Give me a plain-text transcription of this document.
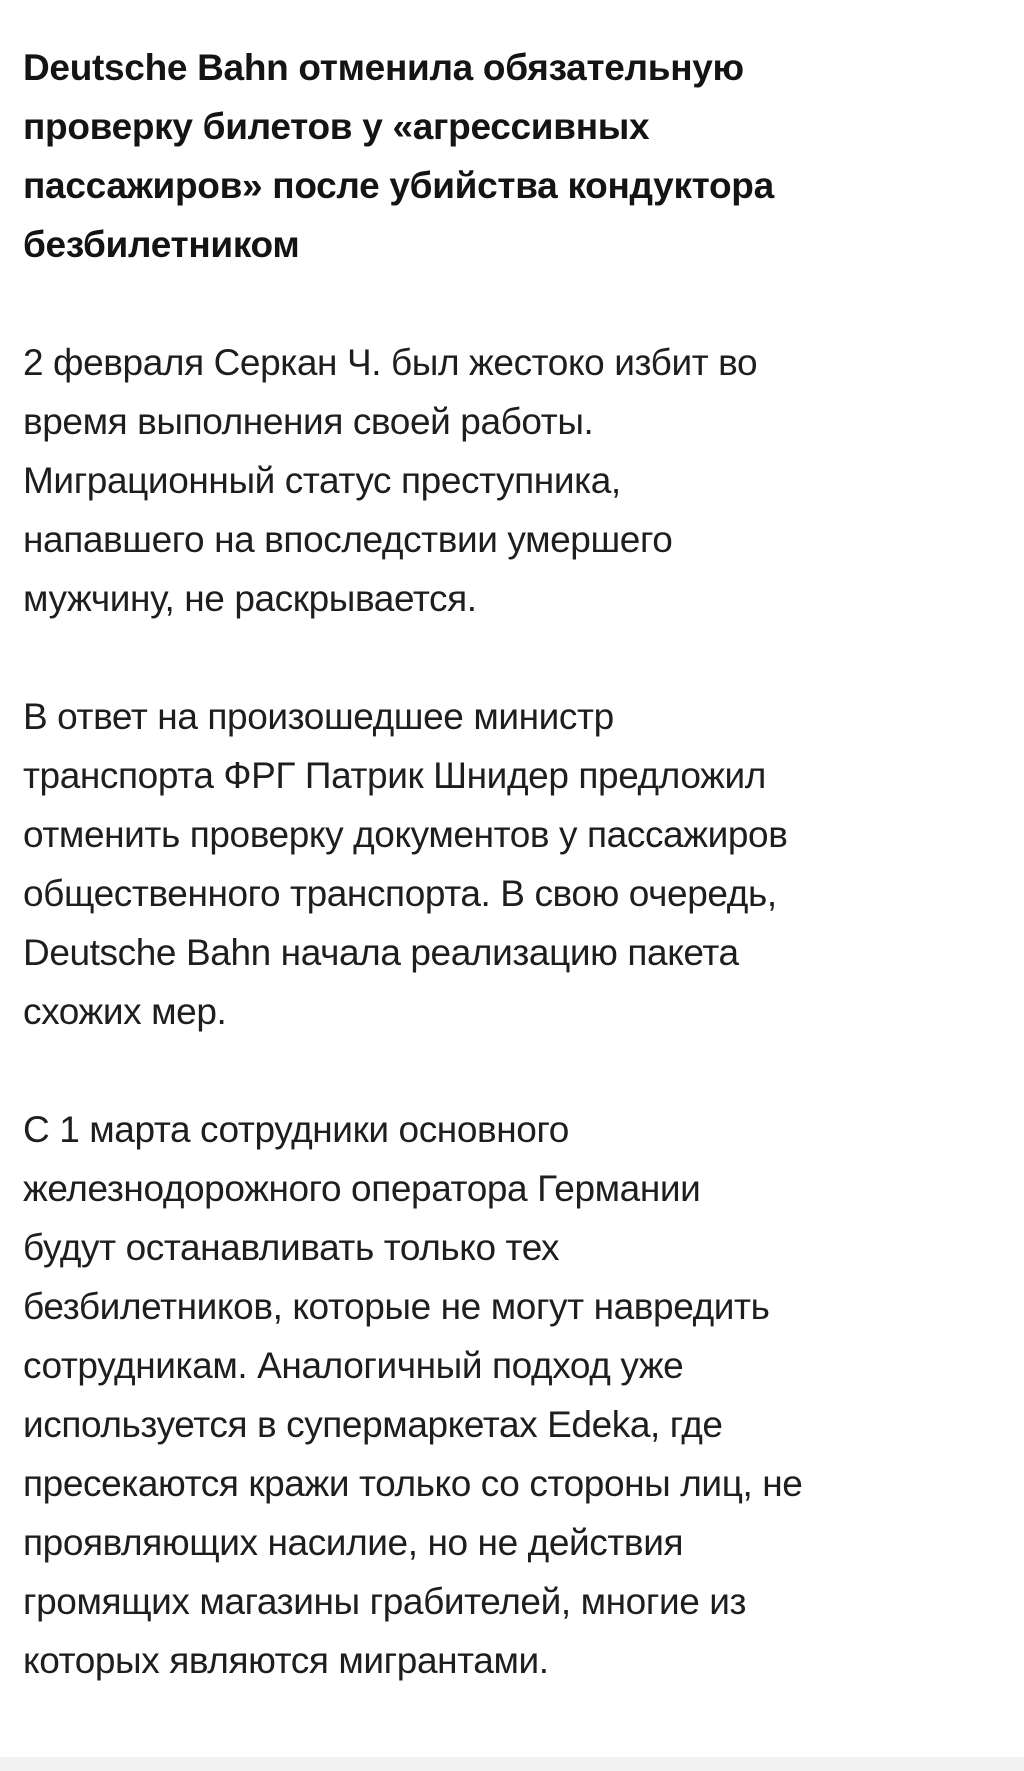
Deutsche Bahn отменила обязательную
проверку билетов у «агрессивных
пассажиров» после убийства кондуктора
безбилетником

2 февраля Серкан Ч. был жестоко избит во
время выполнения своей работы.
Миграционный статус преступника,
напавшего на впоследствии умершего
мужчину, не раскрывается.

В ответ на произошедшее министр
транспорта ФРГ Патрик Шнидер предложил
отменить проверку документов у пассажиров
общественного транспорта. В свою очередь,
Deutsche Bahn начала реализацию пакета
схожих мер.

С 1 марта сотрудники основного
железнодорожного оператора Германии
будут останавливать только тех
безбилетников, которые не могут навредить
сотрудникам. Аналогичный подход уже
используется в супермаркетах Edeka, где
пресекаются кражи только со стороны лиц, не
проявляющих насилие, но не действия
громящих магазины грабителей, многие из
которых являются мигрантами.
